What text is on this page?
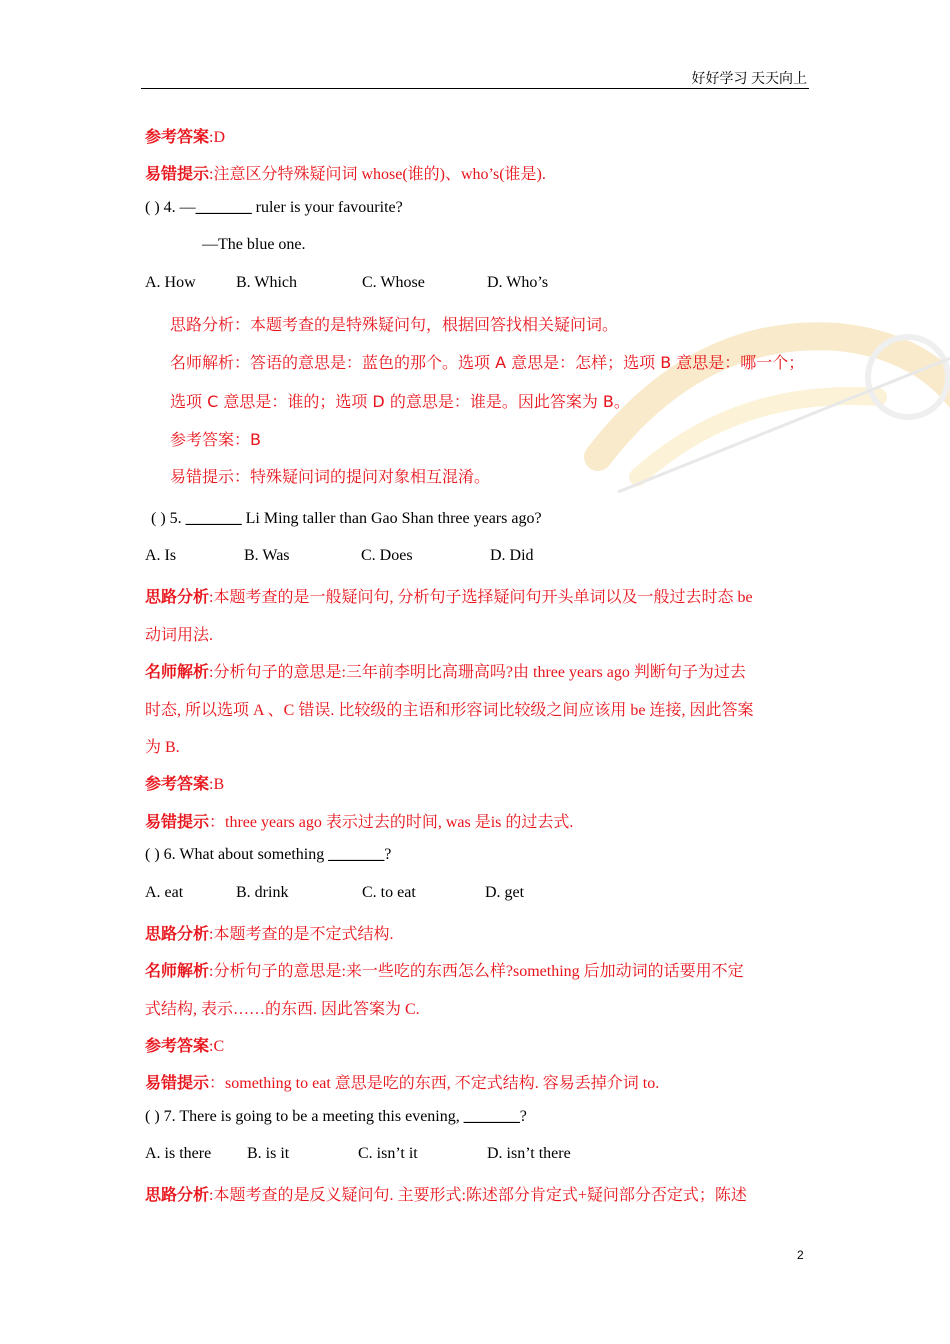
好好学习 天天向上
参考答案:D
易错提示:注意区分特殊疑问词 whose(谁的)、who’s(谁是).
( ) 4. —_______ ruler is your favourite?
—The blue one.
A. How	B. Which	C. Whose	D. Who’s
思路分析：本题考查的是特殊疑问句，根据回答找相关疑问词。
名师解析：答语的意思是：蓝色的那个。选项 A 意思是：怎样；选项 B 意思是：哪一个；
选项 C 意思是：谁的；选项 D 的意思是：谁是。因此答案为 B。
参考答案：B
易错提示：特殊疑问词的提问对象相互混淆。
( ) 5. _______ Li Ming taller than Gao Shan three years ago?
A. Is	B. Was	C. Does	D. Did
思路分析:本题考查的是一般疑问句, 分析句子选择疑问句开头单词以及一般过去时态 be
动词用法.
名师解析:分析句子的意思是:三年前李明比高珊高吗?由 three years ago 判断句子为过去
时态, 所以选项 A 、C 错误. 比较级的主语和形容词比较级之间应该用 be 连接, 因此答案
为 B.
参考答案:B
易错提示：three years ago 表示过去的时间, was 是is 的过去式.
( ) 6. What about something _______?
A. eat	B. drink	C. to eat	D. get
思路分析:本题考查的是不定式结构.
名师解析:分析句子的意思是:来一些吃的东西怎么样?something 后加动词的话要用不定
式结构, 表示……的东西. 因此答案为 C.
参考答案:C
易错提示：something to eat 意思是吃的东西, 不定式结构. 容易丢掉介词 to.
( ) 7. There is going to be a meeting this evening, _______?
A. is there B. is it	C. isn’t it	D. isn’t there
思路分析:本题考查的是反义疑问句. 主要形式:陈述部分肯定式+疑问部分否定式；陈述
2
